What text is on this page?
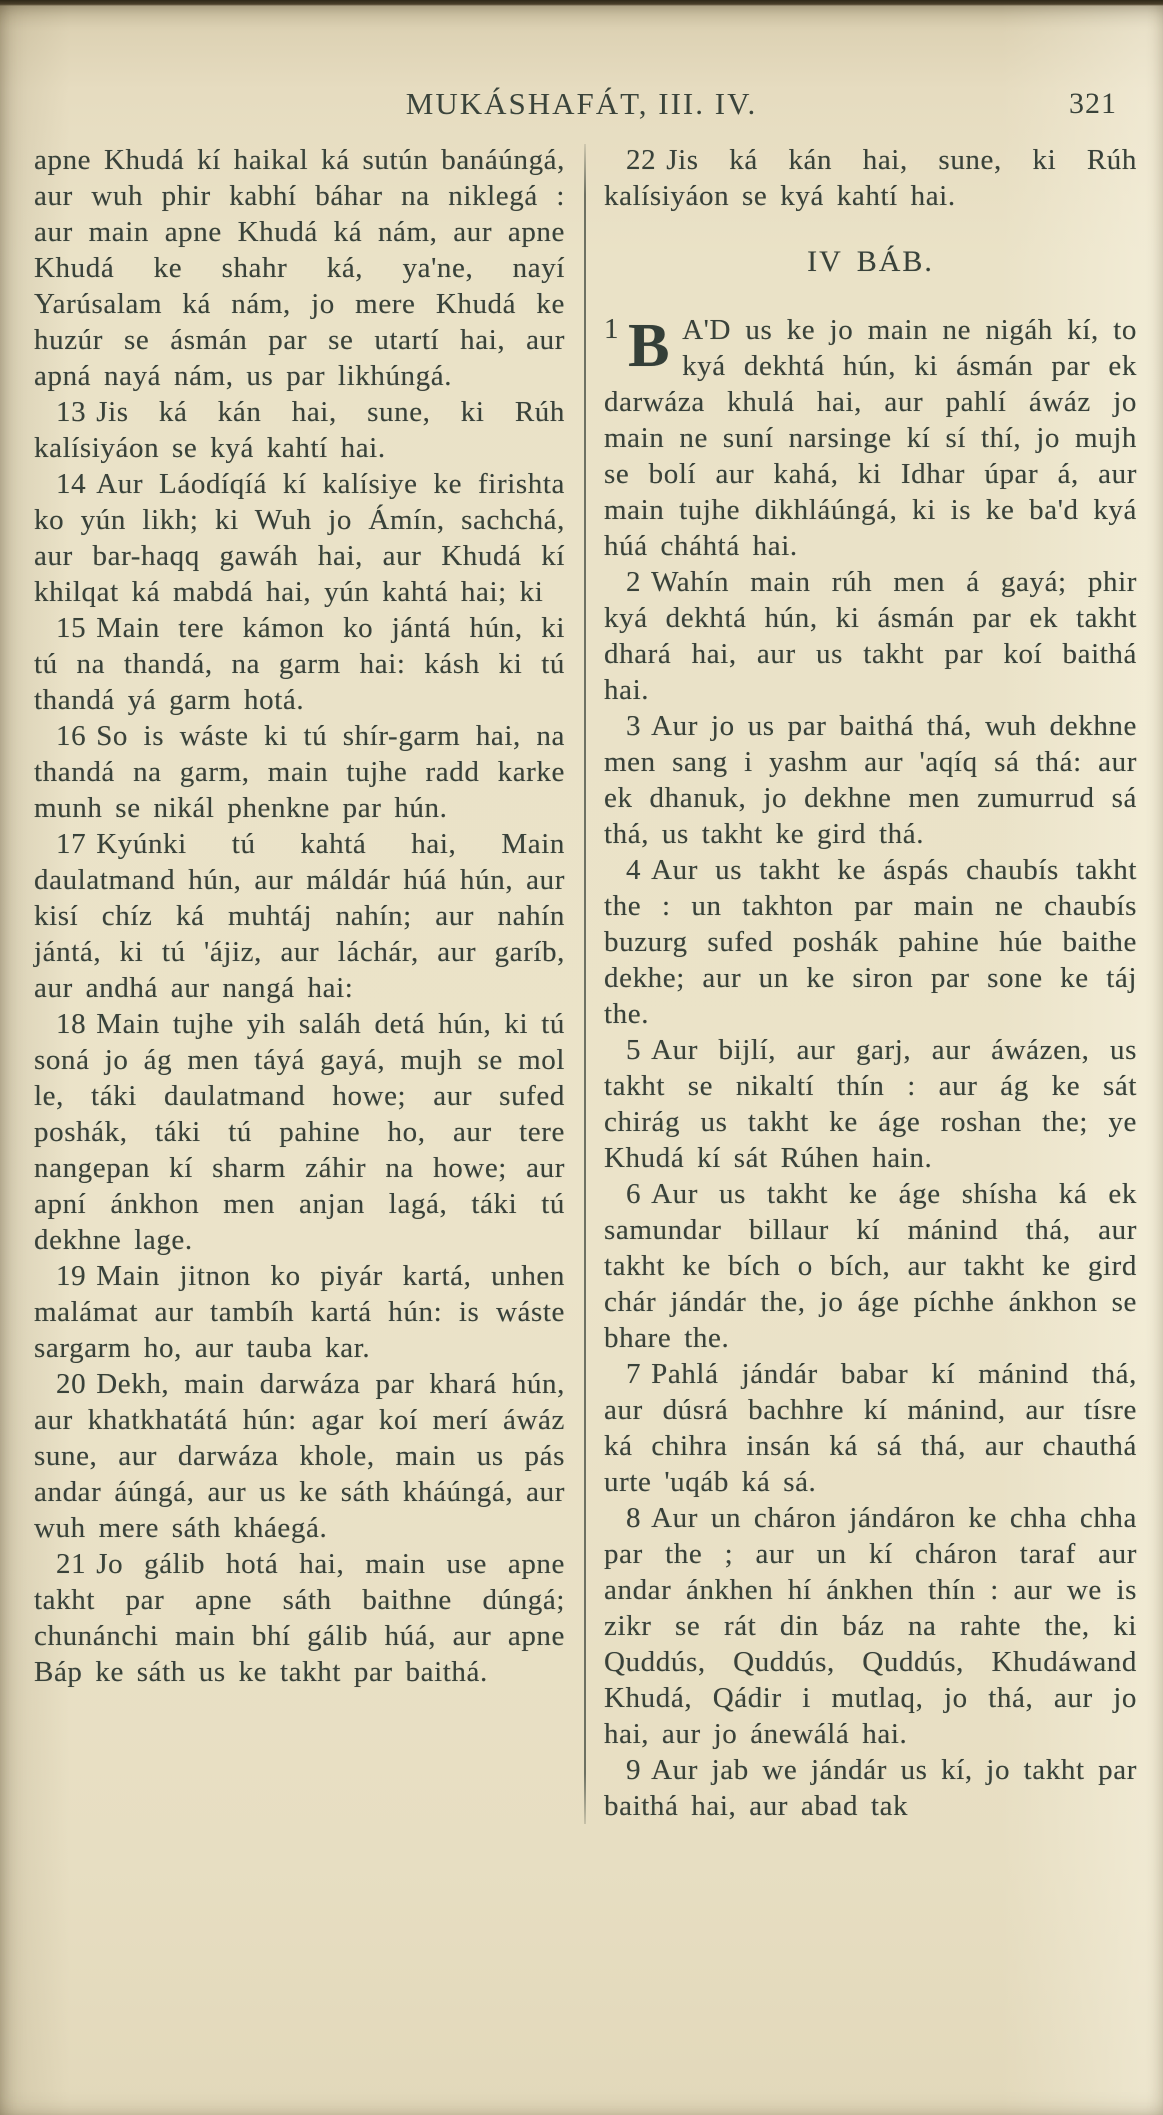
MUKÁSHAFÁT, III. IV.	321

apne Khudá kí haikal ká sutún banáúngá, aur wuh phir kabhí báhar na niklegá : aur main apne Khudá ká nám, aur apne Khudá ke shahr ká, ya'ne, nayí Yarúsalam ká nám, jo mere Khudá ke huzúr se ásmán par se utartí hai, aur apná nayá nám, us par likhúngá.

13 Jis ká kán hai, sune, ki Rúh kalísiyáon se kyá kahtí hai.

14 Aur Láodíqíá kí kalísiye ke firishta ko yún likh; ki Wuh jo Ámín, sachchá, aur bar-haqq gawáh hai, aur Khudá kí khilqat ká mabdá hai, yún kahtá hai; ki

15 Main tere kámon ko jántá hún, ki tú na thandá, na garm hai: kásh ki tú thandá yá garm hotá.

16 So is wáste ki tú shír-garm hai, na thandá na garm, main tujhe radd karke munh se nikál phenkne par hún.

17 Kyúnki tú kahtá hai, Main daulatmand hún, aur máldár húá hún, aur kisí chíz ká muhtáj nahín; aur nahín jántá, ki tú 'ájiz, aur láchár, aur garíb, aur andhá aur nangá hai:

18 Main tujhe yih saláh detá hún, ki tú soná jo ág men táyá gayá, mujh se mol le, táki daulatmand howe; aur sufed poshák, táki tú pahine ho, aur tere nangepan kí sharm záhir na howe; aur apní ánkhon men anjan lagá, táki tú dekhne lage.

19 Main jitnon ko piyár kartá, unhen malámat aur tambíh kartá hún: is wáste sargarm ho, aur tauba kar.

20 Dekh, main darwáza par khará hún, aur khatkhatátá hún: agar koí merí áwáz sune, aur darwáza khole, main us pás andar áúngá, aur us ke sáth kháúngá, aur wuh mere sáth kháegá.

21 Jo gálib hotá hai, main use apne takht par apne sáth baithne dúngá; chunánchi main bhí gálib húá, aur apne Báp ke sáth us ke takht par baithá.

22 Jis ká kán hai, sune, ki Rúh kalísiyáon se kyá kahtí hai.

IV BÁB.

1 B A'D us ke jo main ne nigáh kí, to kyá dekhtá hún, ki ásmán par ek darwáza khulá hai, aur pahlí áwáz jo main ne suní narsinge kí sí thí, jo mujh se bolí aur kahá, ki Idhar úpar á, aur main tujhe dikhláúngá, ki is ke ba'd kyá húá cháhtá hai.

2 Wahín main rúh men á gayá; phir kyá dekhtá hún, ki ásmán par ek takht dhará hai, aur us takht par koí baithá hai.

3 Aur jo us par baithá thá, wuh dekhne men sang i yashm aur 'aqíq sá thá: aur ek dhanuk, jo dekhne men zumurrud sá thá, us takht ke gird thá.

4 Aur us takht ke áspás chaubís takht the : un takhton par main ne chaubís buzurg sufed poshák pahine húe baithe dekhe; aur un ke siron par sone ke táj the.

5 Aur bijlí, aur garj, aur áwázen, us takht se nikaltí thín : aur ág ke sát chirág us takht ke áge roshan the; ye Khudá kí sát Rúhen hain.

6 Aur us takht ke áge shísha ká ek samundar billaur kí mánind thá, aur takht ke bích o bích, aur takht ke gird chár jándár the, jo áge píchhe ánkhon se bhare the.

7 Pahlá jándár babar kí mánind thá, aur dúsrá bachhre kí mánind, aur tísre ká chihra insán ká sá thá, aur chauthá urte 'uqáb ká sá.

8 Aur un cháron jándáron ke chha chha par the ; aur un kí cháron taraf aur andar ánkhen hí ánkhen thín : aur we is zikr se rát din báz na rahte the, ki Quddús, Quddús, Quddús, Khudáwand Khudá, Qádir i mutlaq, jo thá, aur jo hai, aur jo ánewálá hai.

9 Aur jab we jándár us kí, jo takht par baithá hai, aur abad tak
